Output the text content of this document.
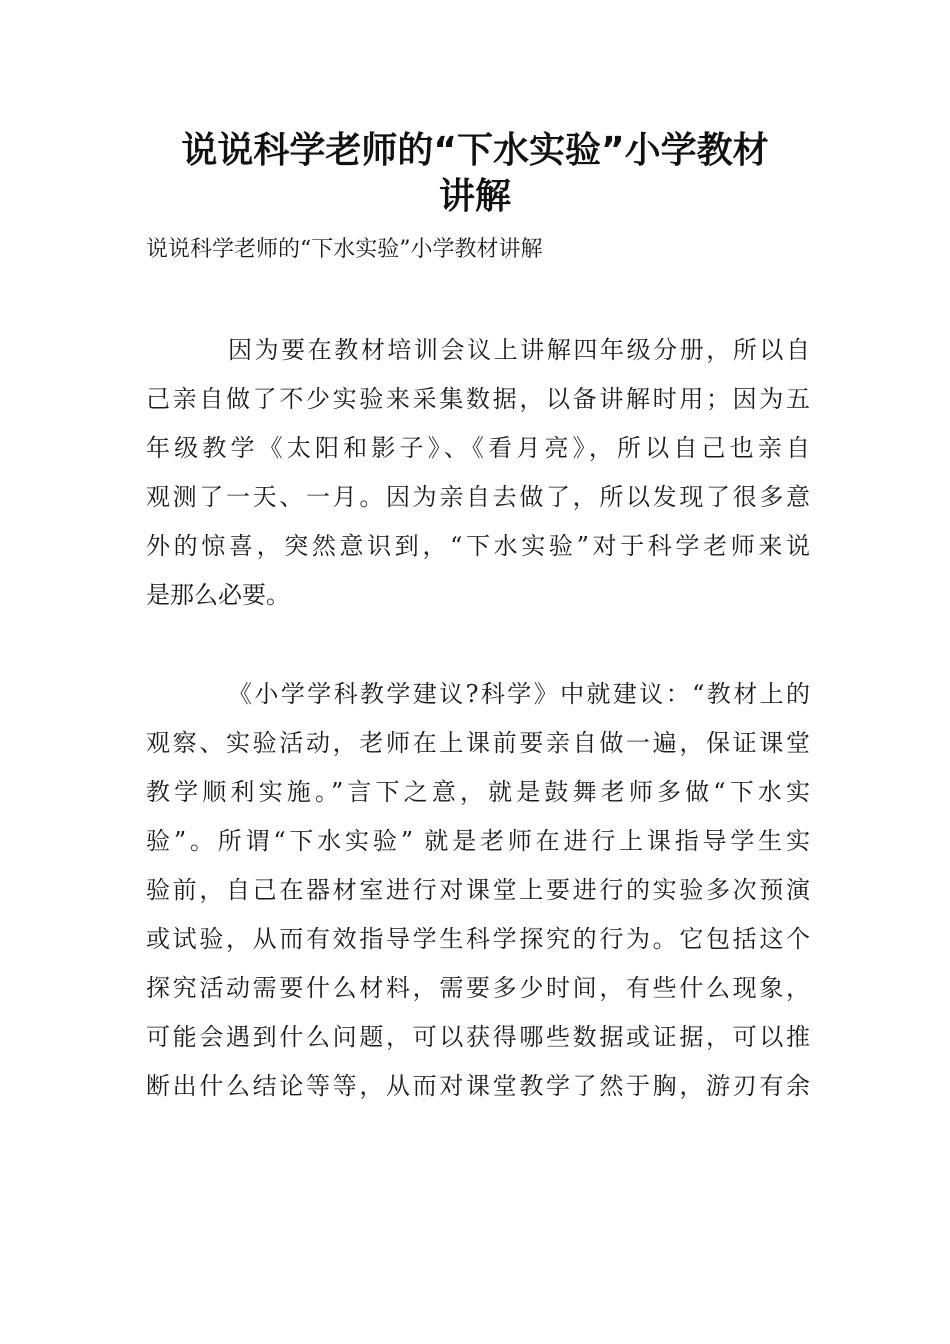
说说科学老师的“下水实验”小学教材
讲解

说说科学老师的“下水实验”小学教材讲解

因为要在教材培训会议上讲解四年级分册，所以自
己亲自做了不少实验来采集数据，以备讲解时用；因为五
年级教学《太阳和影子》、《看月亮》，所以自己也亲自
观测了一天、一月。因为亲自去做了，所以发现了很多意
外的惊喜，突然意识到，“下水实验”对于科学老师来说
是那么必要。
《小学学科教学建议?科学》中就建议：“教材上的
观察、实验活动，老师在上课前要亲自做一遍，保证课堂
教学顺利实施。”言下之意，就是鼓舞老师多做“下水实
验”。所谓“下水实验” 就是老师在进行上课指导学生实
验前，自己在器材室进行对课堂上要进行的实验多次预演
或试验，从而有效指导学生科学探究的行为。它包括这个
探究活动需要什么材料，需要多少时间，有些什么现象，
可能会遇到什么问题，可以获得哪些数据或证据，可以推
断出什么结论等等，从而对课堂教学了然于胸，游刃有余
